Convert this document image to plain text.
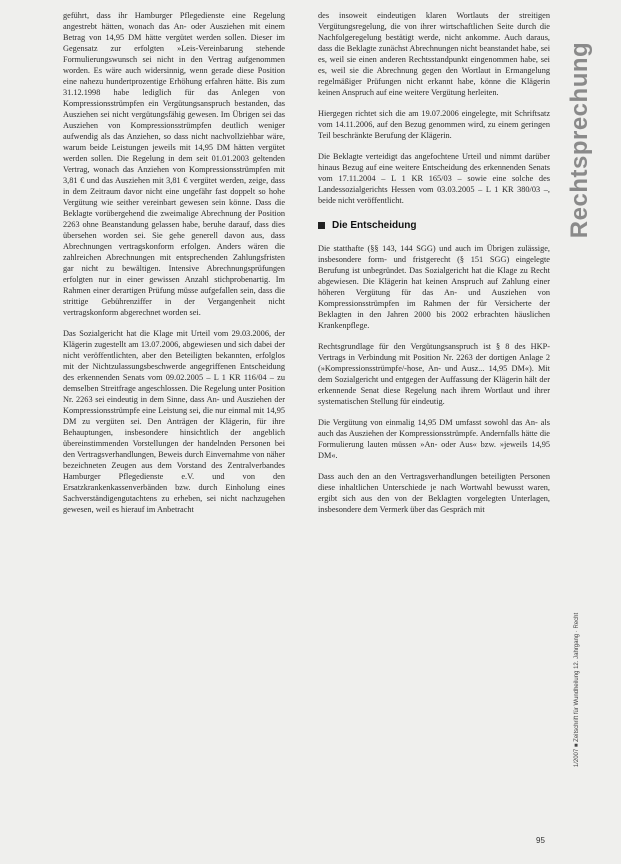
geführt, dass ihr Hamburger Pflegedienste eine Regelung angestrebt hätten, wonach das An- oder Ausziehen mit einem Betrag von 14,95 DM hätte vergütet werden sollen. Dieser im Gegensatz zur erfolgten »Leis-Vereinbarung stehende Formulierungswunsch sei nicht in den Vertrag aufgenommen worden. Es wäre auch widersinnig, wenn gerade diese Position eine nahezu hundertprozentige Erhöhung erfahren hätte. Bis zum 31.12.1998 habe lediglich für das Anlegen von Kompressionsstrümpfen ein Vergütungsanspruch bestanden, das Ausziehen sei nicht vergütungsfähig gewesen. Im Übrigen sei das Ausziehen von Kompressionsstrümpfen deutlich weniger aufwendig als das Anziehen, so dass nicht nachvollziehbar wäre, warum beide Leistungen jeweils mit 14,95 DM hätten vergütet werden sollen. Die Regelung in dem seit 01.01.2003 geltenden Vertrag, wonach das Anziehen von Kompressionsstrümpfen mit 3,81 € und das Ausziehen mit 3,81 € vergütet werden, zeige, dass in dem Zeitraum davor nicht eine ungefähr fast doppelt so hohe Vergütung wie seither vereinbart gewesen sein könne. Dass die Beklagte vorübergehend die zweimalige Abrechnung der Position 2263 ohne Beanstandung gelassen habe, beruhe darauf, dass dies übersehen worden sei. Sie gehe generell davon aus, dass Abrechnungen vertragskonform erfolgen. Anders wären die zahlreichen Abrechnungen mit entsprechenden Zahlungsfristen gar nicht zu bewältigen. Intensive Abrechnungsprüfungen erfolgten nur in einer gewissen Anzahl stichprobenartig. Im Rahmen einer derartigen Prüfung müsse aufgefallen sein, dass die strittige Gebührenziffer in der Vergangenheit nicht vertragskonform abgerechnet worden sei.

Das Sozialgericht hat die Klage mit Urteil vom 29.03.2006, der Klägerin zugestellt am 13.07.2006, abgewiesen und sich dabei der nicht veröffentlichten, aber den Beteiligten bekannten, erfolglos mit der Nichtzulassungsbeschwerde angegriffenen Entscheidung des erkennenden Senats vom 09.02.2005 – L 1 KR 116/04 – zu demselben Streitfrage angeschlossen. Die Regelung unter Position Nr. 2263 sei eindeutig in dem Sinne, dass An- und Ausziehen der Kompressionsstrümpfe eine Leistung sei, die nur einmal mit 14,95 DM zu vergüten sei. Den Anträgen der Klägerin, für ihre Behauptungen, insbesondere hinsichtlich der angeblich übereinstimmenden Vorstellungen der handelnden Personen bei den Vertragsverhandlungen, Beweis durch Einvernahme von näher bezeichneten Zeugen aus dem Vorstand des Zentralverbandes Hamburger Pflegedienste e.V. und von den Ersatzkrankenkassenverbänden bzw. durch Einholung eines Sachverständigengutachtens zu erheben, sei nicht nachzugehen gewesen, weil es hierauf im Anbetracht

des insoweit eindeutigen klaren Wortlauts der streitigen Vergütungsregelung, die von ihrer wirtschaftlichen Seite durch die Nachfolgeregelung bestätigt werde, nicht ankomme. Auch daraus, dass die Beklagte zunächst Abrechnungen nicht beanstandet habe, sei es, weil sie einen anderen Rechtsstandpunkt eingenommen habe, sei es, weil sie die Abrechnung gegen den Wortlaut in Ermangelung regelmäßiger Prüfungen nicht erkannt habe, könne die Klägerin keinen Anspruch auf eine weitere Vergütung herleiten.

Hiergegen richtet sich die am 19.07.2006 eingelegte, mit Schriftsatz vom 14.11.2006, auf den Bezug genommen wird, zu einem geringen Teil beschränkte Berufung der Klägerin.

Die Beklagte verteidigt das angefochtene Urteil und nimmt darüber hinaus Bezug auf eine weitere Entscheidung des erkennenden Senats vom 17.11.2004 – L 1 KR 165/03 – sowie eine solche des Landessozialgerichts Hessen vom 03.03.2005 – L 1 KR 380/03 –, beide nicht veröffentlicht.

Die Entscheidung

Die statthafte (§§ 143, 144 SGG) und auch im Übrigen zulässige, insbesondere form- und fristgerecht (§ 151 SGG) eingelegte Berufung ist unbegründet. Das Sozialgericht hat die Klage zu Recht abgewiesen. Die Klägerin hat keinen Anspruch auf Zahlung einer höheren Vergütung für das An- und Ausziehen von Kompressionsstrümpfen im Rahmen der für Versicherte der Beklagten in den Jahren 2000 bis 2002 erbrachten häuslichen Krankenpflege.

Rechtsgrundlage für den Vergütungsanspruch ist § 8 des HKP-Vertrags in Verbindung mit Position Nr. 2263 der dortigen Anlage 2 (»Kompressionsstrümpfe/-hose, An- und Ausz... 14,95 DM«). Mit dem Sozialgericht und entgegen der Auffassung der Klägerin hält der erkennende Senat diese Regelung nach ihrem Wortlaut und ihrer systematischen Stellung für eindeutig.

Die Vergütung von einmalig 14,95 DM umfasst sowohl das An- als auch das Ausziehen der Kompressionsstrümpfe. Andernfalls hätte die Formulierung lauten müssen »An- oder Aus« bzw. »jeweils 14,95 DM«.

Dass auch den an den Vertragsverhandlungen beteiligten Personen diese inhaltlichen Unterschiede je nach Wortwahl bewusst waren, ergibt sich aus den von der Beklagten vorgelegten Unterlagen, insbesondere dem Vermerk über das Gespräch mit

Rechtsprechung
1/2007 ■ Zeitschrift für Wundheilung 12. Jahrgang · Recht
95
